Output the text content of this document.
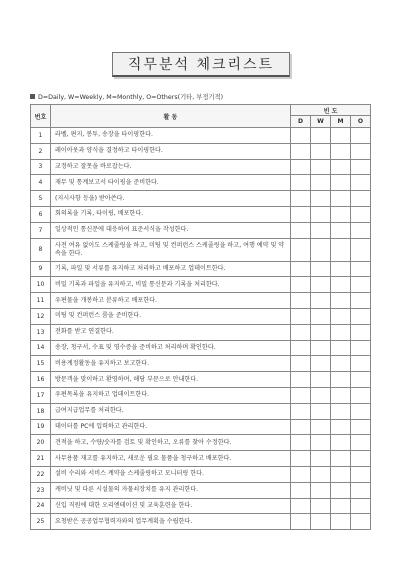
직무분석 체크리스트
D=Daily, W=Weekly, M=Monthly, O=Others(기타, 부정기적)
번호	활 동	빈 도			
		D	W	M	O
1	라벨, 편지, 봉투, 송장을 타이핑한다.				
2	레이아웃과 양식을 결정하고 타이핑한다.				
3	교정하고 잘못을 바로잡는다.				
4	재무 및 통계보고서 타이핑을 준비한다.				
5	(지시사항 등을) 받아쓴다.				
6	회의록을 기록, 타이핑, 배포한다.				
7	일상적인 통신문에 대응하여 표준서식을 작성한다.				
8	사전 여유 없이도 스케줄링을 하고, 미팅 및 컨퍼런스 스케줄링을 하고, 여행 예약 및 약속을 한다.				
9	기록, 파일 및 서류를 유지하고 처리하고 배포하고 업데이트한다.				
10	비밀 기록과 파일을 유지하고, 비밀 통신문과 기록을 처리한다.				
11	우편물을 개봉하고 분류하고 배포한다.				
12	미팅 및 컨퍼런스 룸을 준비한다.				
13	전화를 받고 연결한다.				
14	송장, 청구서, 수표 및 영수증을 준비하고 처리하며 확인한다.				
15	비용계정활동을 유지하고 보고한다.				
16	방문객을 맞이하고 환영하며, 해당 부문으로 안내한다.				
17	우편목록을 유지하고 업데이트한다.				
18	급여지급업무를 처리한다.				
19	데이터를 PC에 입력하고 관리한다.				
20	견적을 하고, 수량/숫자를 검토 및 확인하고, 오류를 찾아 수정한다.				
21	사무용품 재고를 유지하고, 새로운 필요 물품을 청구하고 배포한다.				
22	설비 수리와 서비스 계약을 스케줄링하고 모니터링 한다.				
23	캐비닛 및 다른 시설물의 자물쇠장치를 유지 관리한다.				
24	신입 직원에 대한 오리엔테이션 및 교육훈련을 한다.				
25	요청받은 공공업무협력자와의 업무계획을 수립한다.				
